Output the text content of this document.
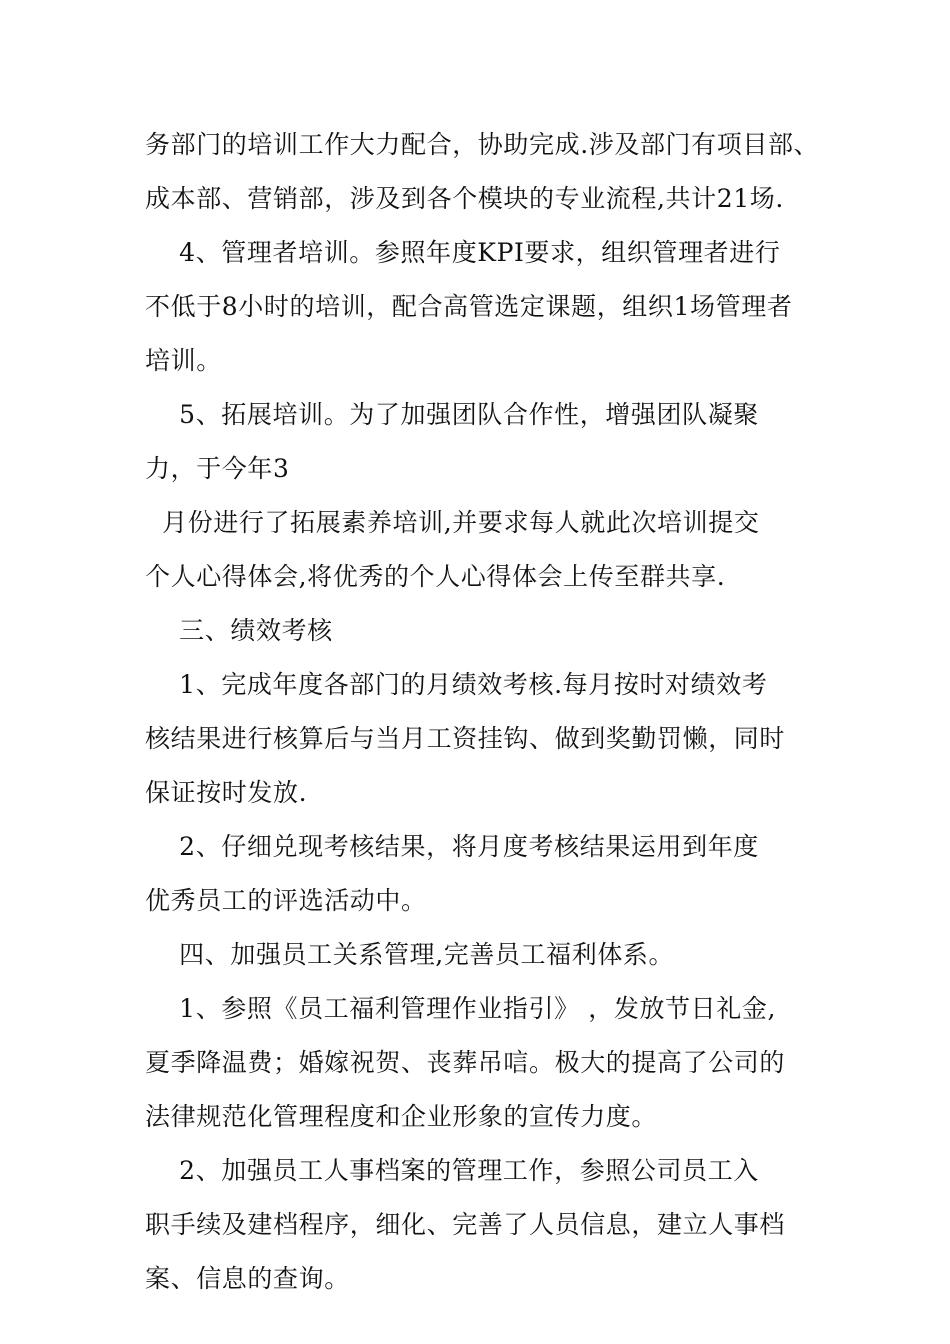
务部门的培训工作大力配合，协助完成.涉及部门有项目部、
成本部、营销部，涉及到各个模块的专业流程,共计21场.
4、管理者培训。参照年度KPI要求，组织管理者进行
不低于8小时的培训，配合高管选定课题，组织1场管理者
培训。
5、拓展培训。为了加强团队合作性，增强团队凝聚
力，于今年3
月份进行了拓展素养培训,并要求每人就此次培训提交
个人心得体会,将优秀的个人心得体会上传至群共享.
三、绩效考核
1、完成年度各部门的月绩效考核.每月按时对绩效考
核结果进行核算后与当月工资挂钩、做到奖勤罚懒，同时
保证按时发放.
2、仔细兑现考核结果，将月度考核结果运用到年度
优秀员工的评选活动中。
四、加强员工关系管理,完善员工福利体系。
1、参照《员工福利管理作业指引》 ，发放节日礼金,
夏季降温费；婚嫁祝贺、丧葬吊唁。极大的提高了公司的
法律规范化管理程度和企业形象的宣传力度。
2、加强员工人事档案的管理工作，参照公司员工入
职手续及建档程序，细化、完善了人员信息，建立人事档
案、信息的查询。
